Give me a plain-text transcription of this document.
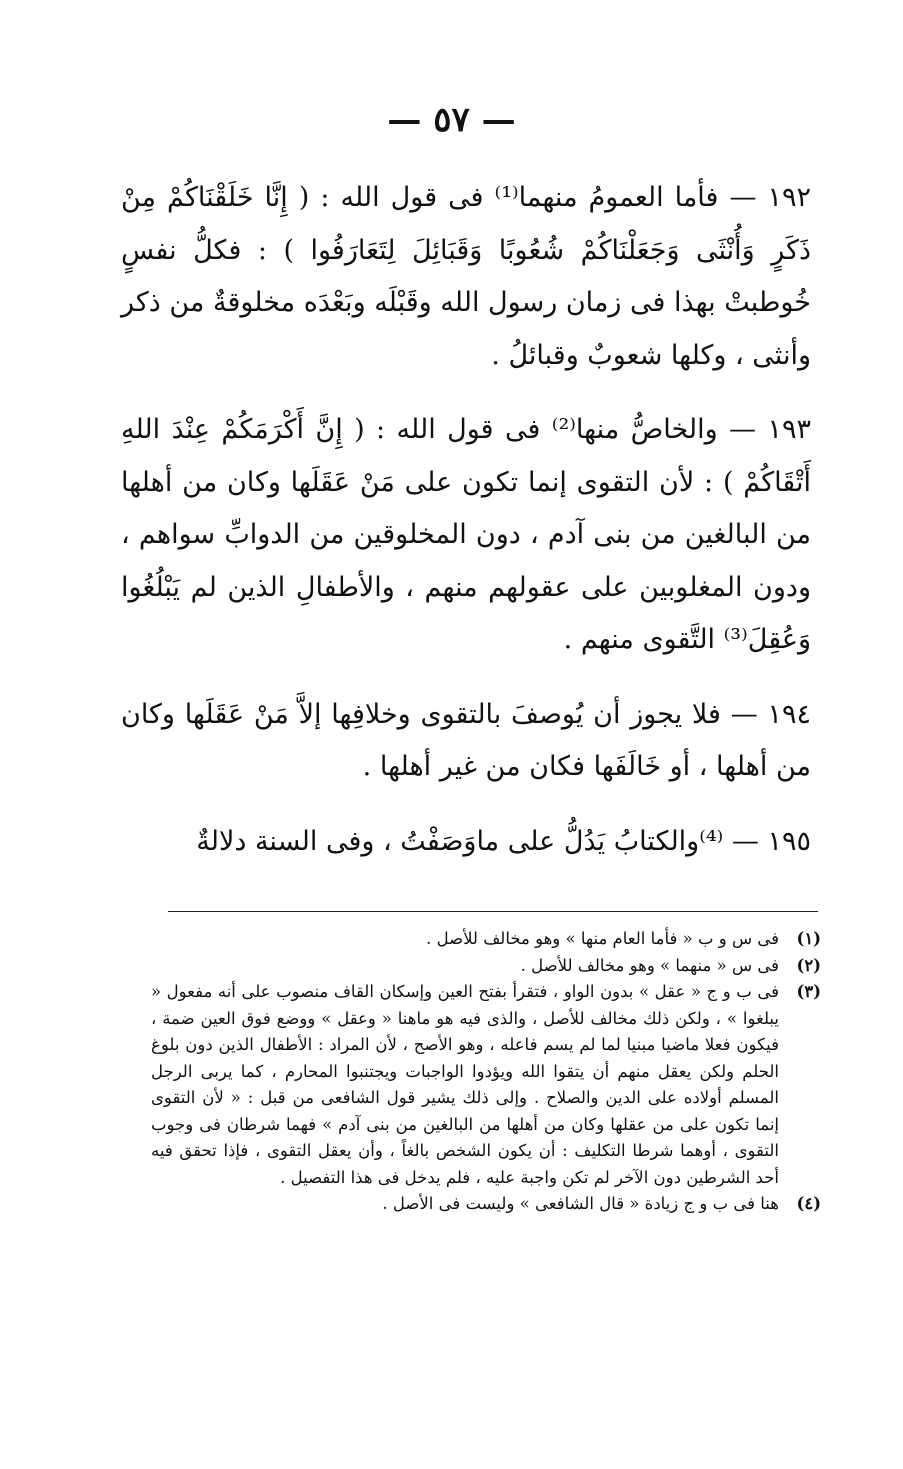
— ٥٧ —

١٩٢ — فأما العمومُ منهما⁽¹⁾ فى قول الله : ( إِنَّا خَلَقْنَاكُمْ مِنْ ذَكَرٍ وَأُنْثَى وَجَعَلْنَاكُمْ شُعُوبًا وَقَبَائِلَ لِتَعَارَفُوا ) : فكلُّ نفسٍ خُوطبتْ بهذا فى زمان رسول الله وقَبْلَه وبَعْدَه مخلوقةٌ من ذكر وأنثى ، وكلها شعوبٌ وقبائلُ .

١٩٣ — والخاصُّ منها⁽²⁾ فى قول الله : ( إِنَّ أَكْرَمَكُمْ عِنْدَ اللهِ أَتْقَاكُمْ ) : لأن التقوى إنما تكون على مَنْ عَقَلَها وكان من أهلها من البالغين من بنى آدم ، دون المخلوقين من الدوابِّ سواهم ، ودون المغلوبين على عقولهم منهم ، والأطفالِ الذين لم يَبْلُغُوا وَعُقِلَ⁽³⁾ التَّقوى منهم .

١٩٤ — فلا يجوز أن يُوصفَ بالتقوى وخلافِها إلاَّ مَنْ عَقَلَها وكان من أهلها ، أو خَالَفَها فكان من غير أهلها .

١٩٥ — ⁽⁴⁾والكتابُ يَدُلُّ على ماوَصَفْتُ ، وفى السنة دلالةٌ

(١)
فى س و ب « فأما العام منها » وهو مخالف للأصل .
(٢)
فى س « منهما » وهو مخالف للأصل .
(٣)
فى ب و ج « عقل » بدون الواو ، فتقرأ بفتح العين وإسكان القاف منصوب على أنه مفعول « يبلغوا » ، ولكن ذلك مخالف للأصل ، والذى فيه هو ماهنا « وعقل » ووضع فوق العين ضمة ، فيكون فعلا ماضيا مبنيا لما لم يسم فاعله ، وهو الأصح ، لأن المراد : الأطفال الذين دون بلوغ الحلم ولكن يعقل منهم أن يتقوا الله ويؤدوا الواجبات ويجتنبوا المحارم ، كما يربى الرجل المسلم أولاده على الدين والصلاح . وإلى ذلك يشير قول الشافعى من قبل : « لأن التقوى إنما تكون على من عقلها وكان من أهلها من البالغين من بنى آدم » فهما شرطان فى وجوب التقوى ، أوهما شرطا التكليف : أن يكون الشخص بالغاً ، وأن يعقل التقوى ، فإذا تحقق فيه أحد الشرطين دون الآخر لم تكن واجبة عليه ، فلم يدخل فى هذا التفصيل .
(٤)
هنا فى ب و ج زيادة « قال الشافعى » وليست فى الأصل .
